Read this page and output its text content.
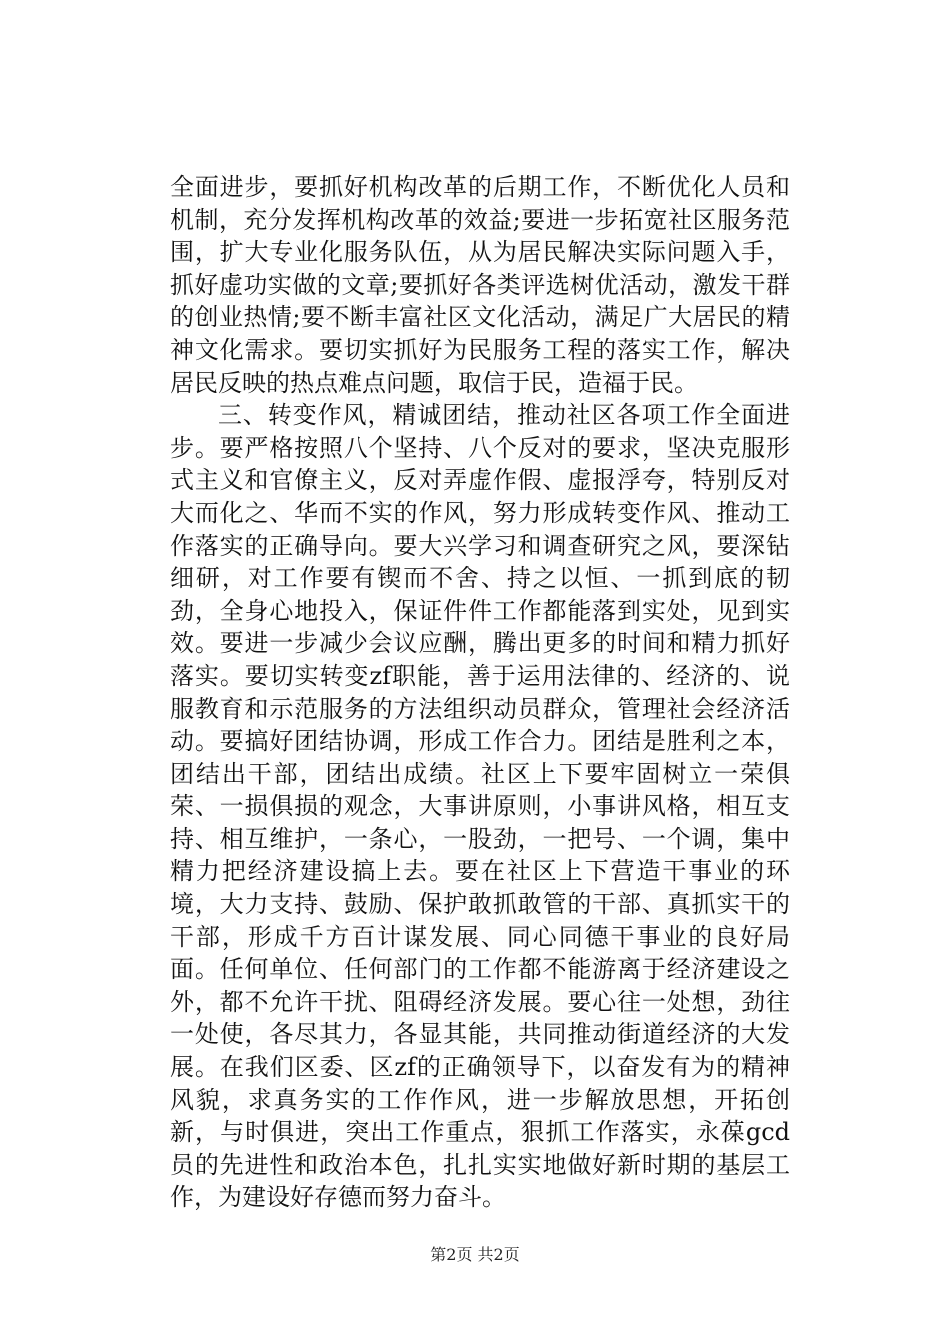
全面进步，要抓好机构改革的后期工作，不断优化人员和机制，充分发挥机构改革的效益;要进一步拓宽社区服务范围，扩大专业化服务队伍，从为居民解决实际问题入手，抓好虚功实做的文章;要抓好各类评选树优活动，激发干群的创业热情;要不断丰富社区文化活动，满足广大居民的精神文化需求。要切实抓好为民服务工程的落实工作，解决居民反映的热点难点问题，取信于民，造福于民。

三、转变作风，精诚团结，推动社区各项工作全面进步。要严格按照八个坚持、八个反对的要求，坚决克服形式主义和官僚主义，反对弄虚作假、虚报浮夸，特别反对大而化之、华而不实的作风，努力形成转变作风、推动工作落实的正确导向。要大兴学习和调查研究之风，要深钻细研，对工作要有锲而不舍、持之以恒、一抓到底的韧劲，全身心地投入，保证件件工作都能落到实处，见到实效。要进一步减少会议应酬，腾出更多的时间和精力抓好落实。要切实转变zf职能，善于运用法律的、经济的、说服教育和示范服务的方法组织动员群众，管理社会经济活动。要搞好团结协调，形成工作合力。团结是胜利之本，团结出干部，团结出成绩。社区上下要牢固树立一荣俱荣、一损俱损的观念，大事讲原则，小事讲风格，相互支持、相互维护，一条心，一股劲，一把号、一个调，集中精力把经济建设搞上去。要在社区上下营造干事业的环境，大力支持、鼓励、保护敢抓敢管的干部、真抓实干的干部，形成千方百计谋发展、同心同德干事业的良好局面。任何单位、任何部门的工作都不能游离于经济建设之外，都不允许干扰、阻碍经济发展。要心往一处想，劲往一处使，各尽其力，各显其能，共同推动街道经济的大发展。在我们区委、区zf的正确领导下，以奋发有为的精神风貌，求真务实的工作作风，进一步解放思想，开拓创新，与时俱进，突出工作重点，狠抓工作落实，永葆gcd员的先进性和政治本色，扎扎实实地做好新时期的基层工作，为建设好存德而努力奋斗。

第2页 共2页
